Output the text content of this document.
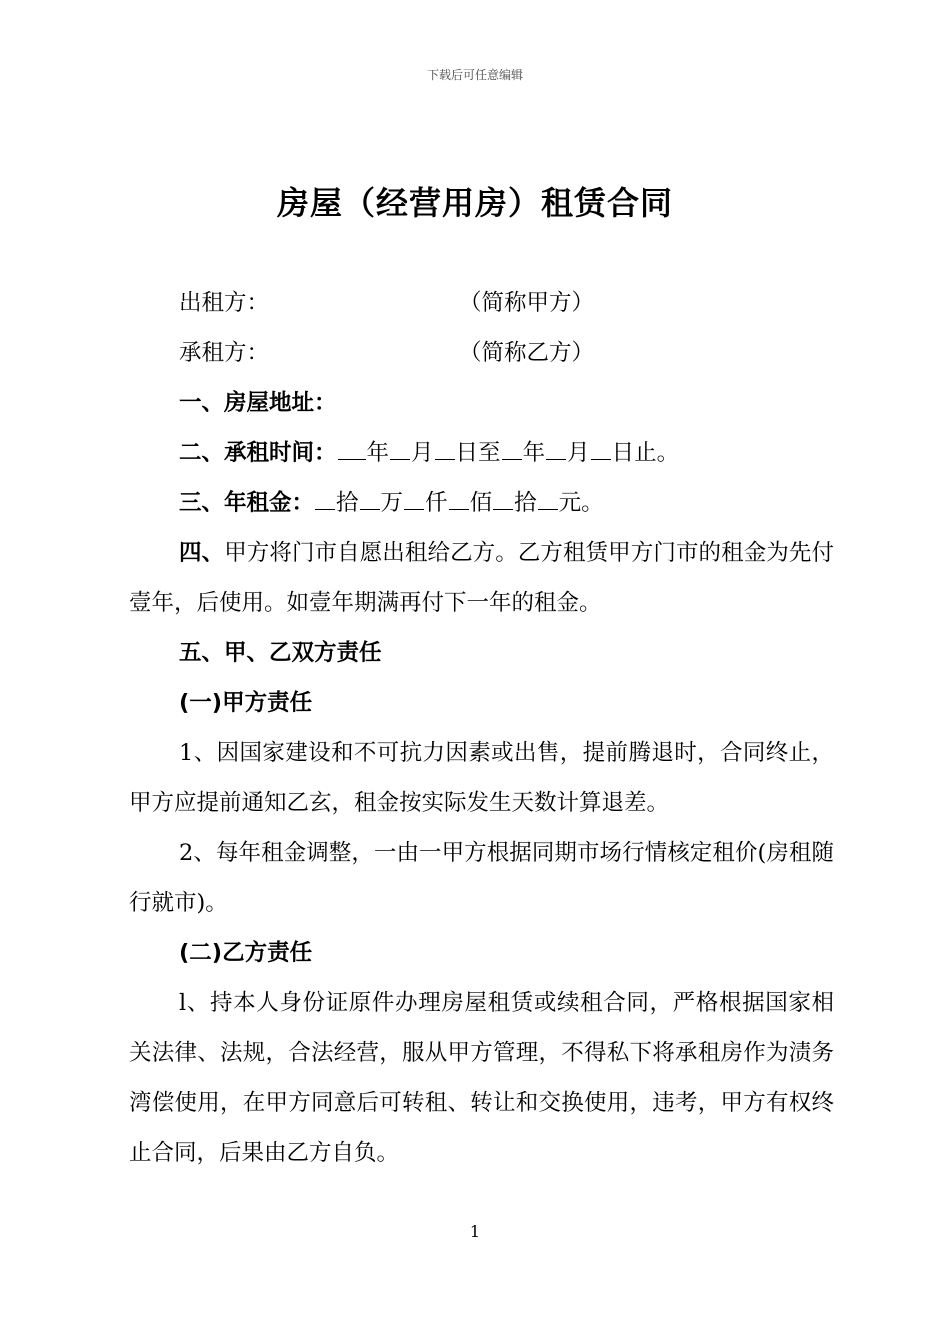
下载后可任意编辑
房屋（经营用房）租赁合同

出租方：	（简称甲方）

承租方：	（简称乙方）

一、房屋地址：

二、承租时间： 年 月 日至 年 月 日止。

三、年租金： 拾 万 仟 佰 拾 元。

四、甲方将门市自愿出租给乙方。乙方租赁甲方门市的租金为先付壹年，后使用。如壹年期满再付下一年的租金。

五、甲、乙双方责任

(一)甲方责任

1、因国家建设和不可抗力因素或出售，提前腾退时，合同终止，甲方应提前通知乙玄，租金按实际发生天数计算退差。

2、每年租金调整，一由一甲方根据同期市场行情核定租价(房租随行就市)。

(二)乙方责任

l、持本人身份证原件办理房屋租赁或续租合同，严格根据国家相关法律、法规，合法经营，服从甲方管理，不得私下将承租房作为渍务湾偿使用，在甲方同意后可转租、转让和交换使用，违考，甲方有权终止合同，后果由乙方自负。

1
